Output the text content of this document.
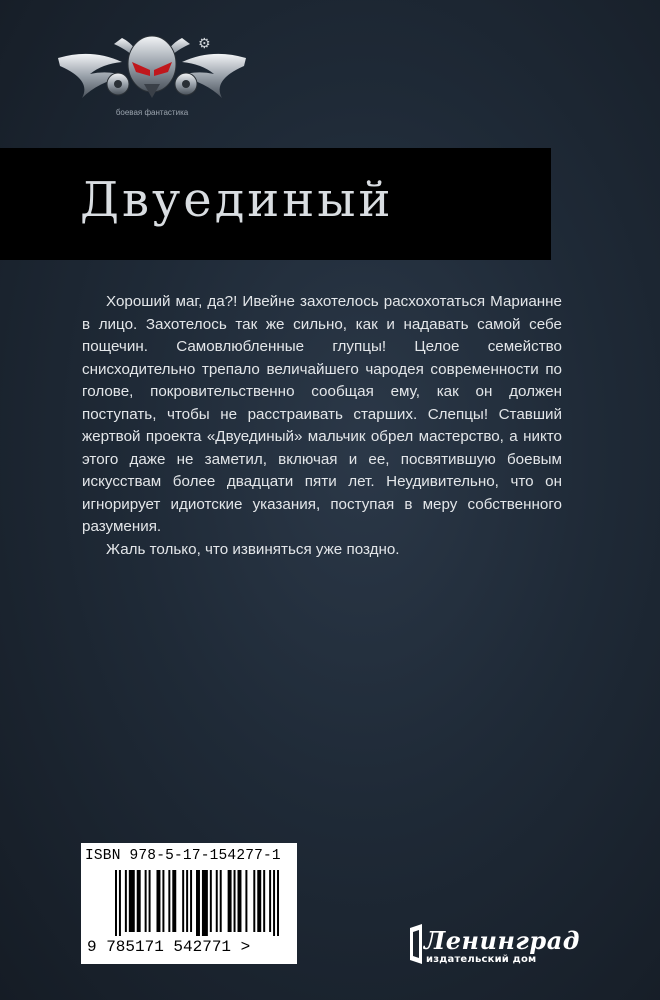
⚙
боевая фантастика
Двуединый

Хороший маг, да?! Ивейне захотелось расхохотаться Марианне в лицо. Захотелось так же сильно, как и надавать самой себе пощечин. Самовлюбленные глупцы! Целое семейство снисходительно трепало величайшего чародея современности по голове, покровительственно сообщая ему, как он должен поступать, чтобы не расстраивать старших. Слепцы! Ставший жертвой проекта «Двуединый» мальчик обрел мастерство, а никто этого даже не заметил, включая и ее, посвятившую боевым искусствам более двадцати пяти лет. Неудивительно, что он игнорирует идиотские указания, поступая в меру собственного разумения.

Жаль только, что извиняться уже поздно.

ISBN 978-5-17-154277-1
9 785171 542771 >	Ленинград
издательский дом
